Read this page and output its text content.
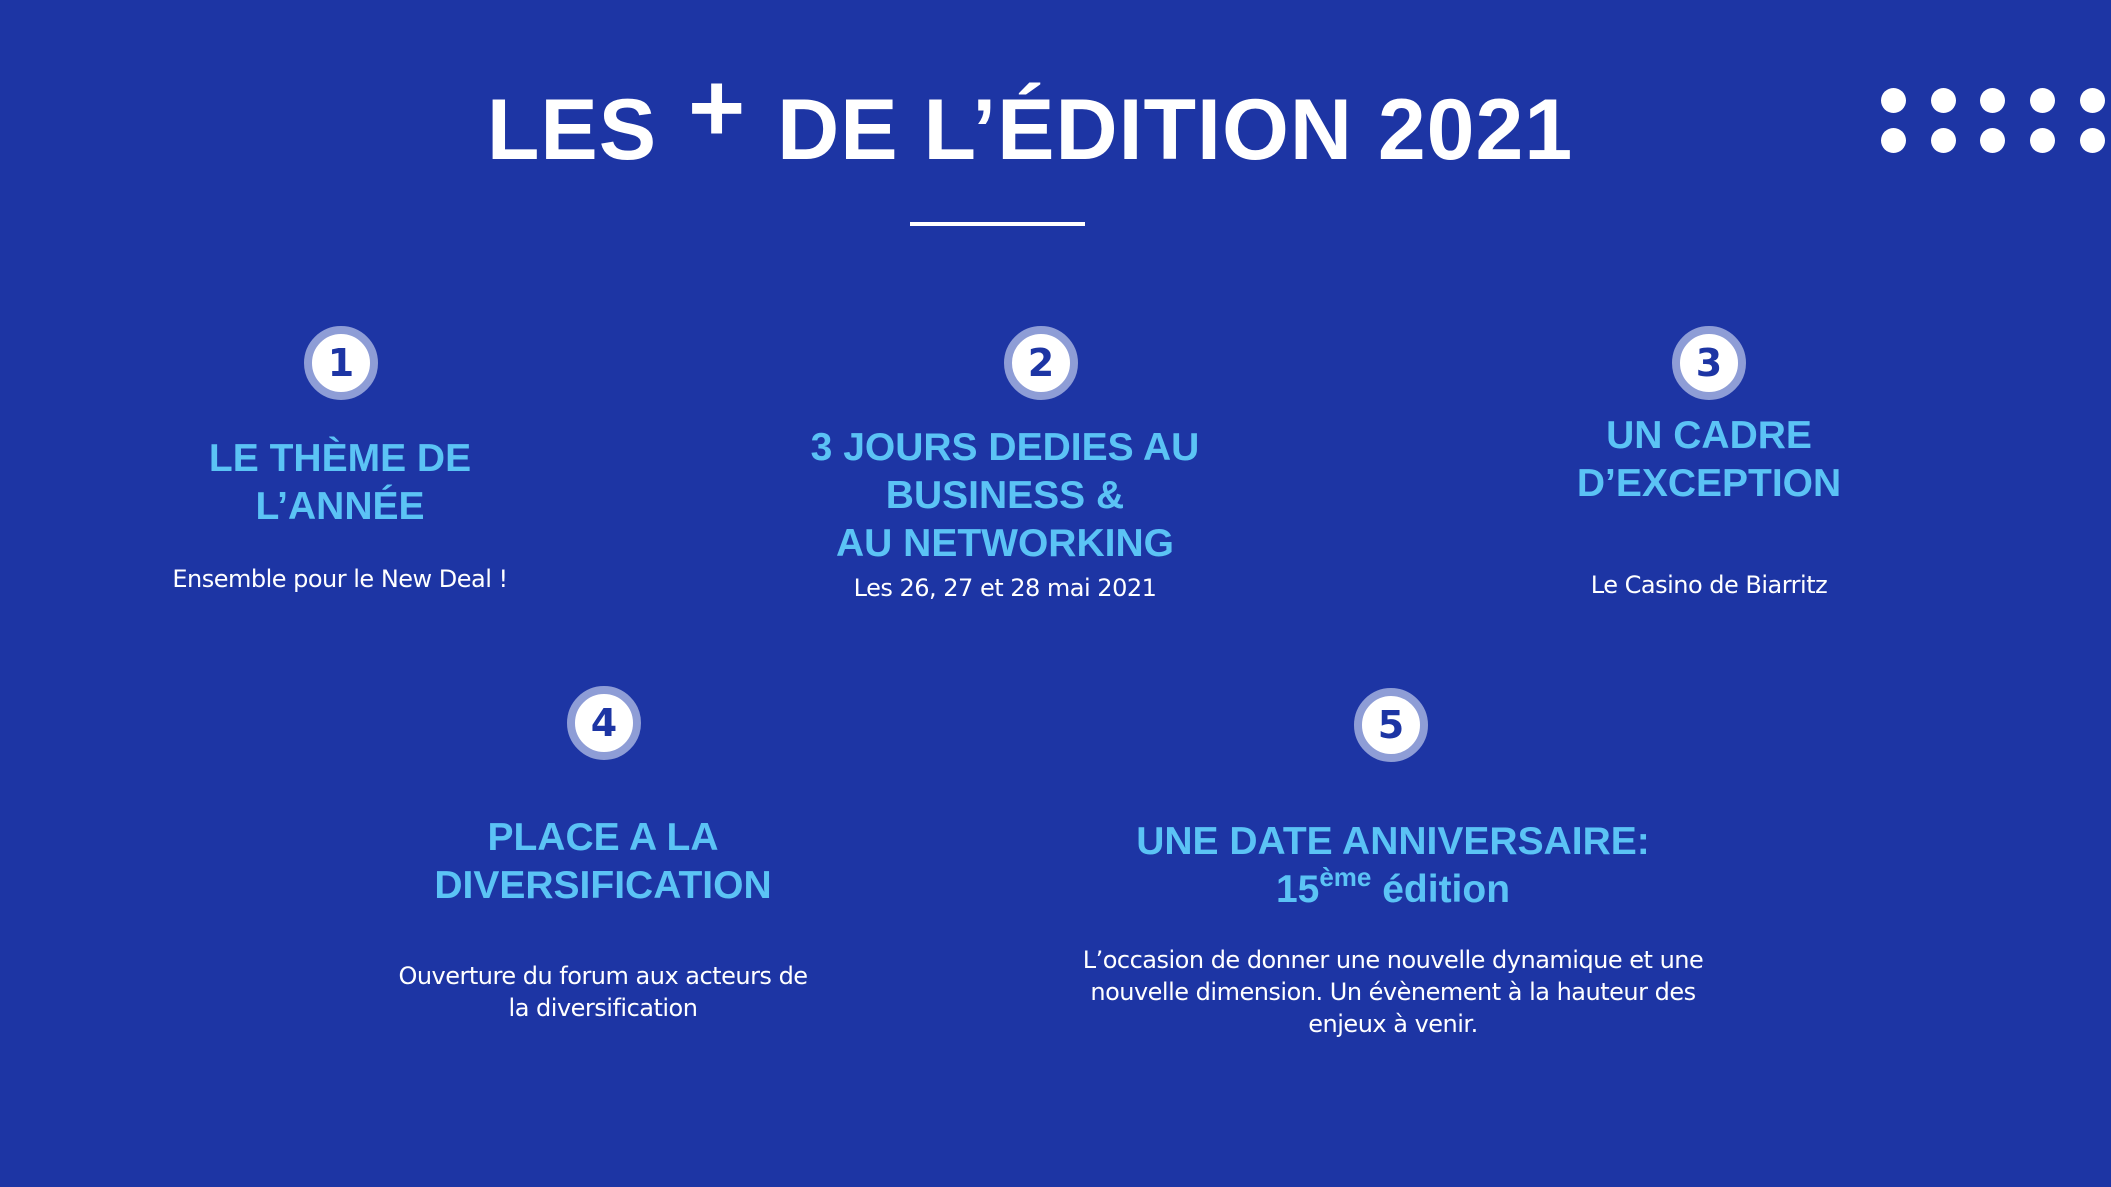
LES + DE L’ÉDITION 2021
1
LE THÈME DE
L’ANNÉE
Ensemble pour le New Deal !
2
3 JOURS DEDIES AU
BUSINESS &
AU NETWORKING
Les 26, 27 et 28 mai 2021
3
UN CADRE
D’EXCEPTION
Le Casino de Biarritz
4
PLACE A LA
DIVERSIFICATION
Ouverture du forum aux acteurs de
la diversification
5
UNE DATE ANNIVERSAIRE:
15ème édition
L’occasion de donner une nouvelle dynamique et une
nouvelle dimension. Un évènement à la hauteur des
enjeux à venir.
